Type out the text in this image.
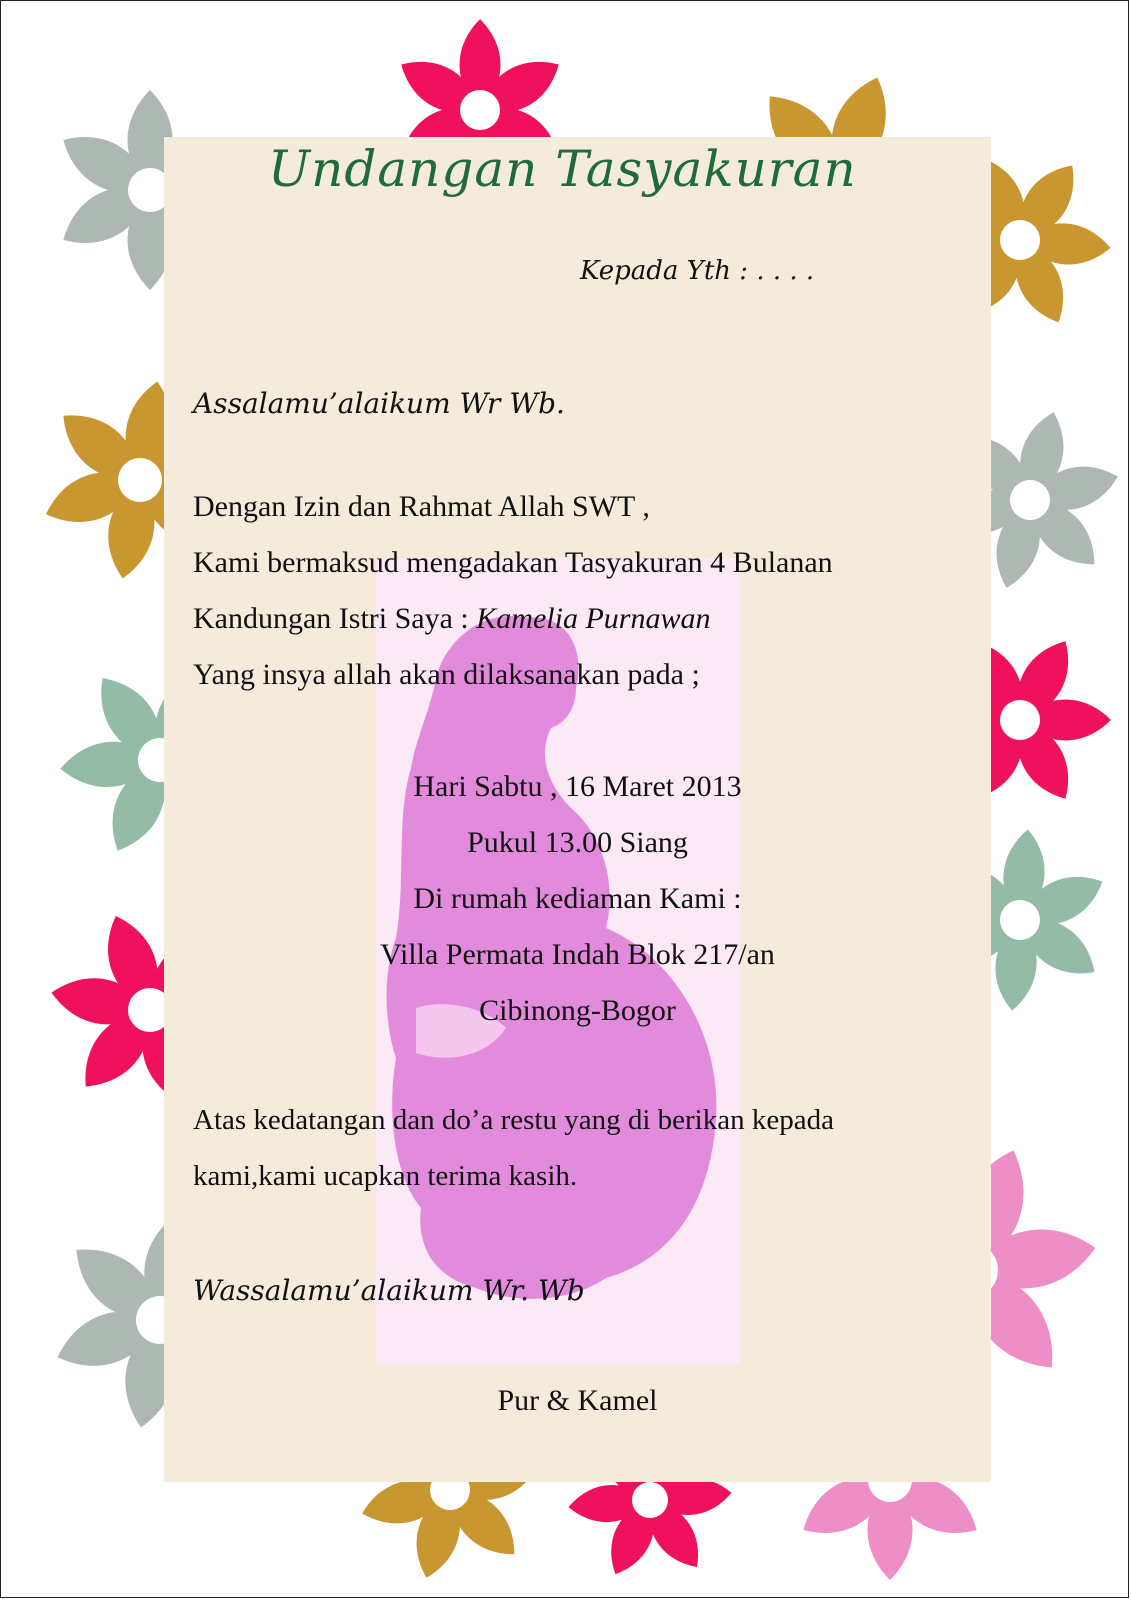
Undangan Tasyakuran
Kepada Yth : . . . .
Assalamu’alaikum Wr Wb.
Dengan Izin dan Rahmat Allah SWT ,
Kami bermaksud mengadakan Tasyakuran 4 Bulanan
Kandungan Istri Saya : Kamelia Purnawan
Yang insya allah akan dilaksanakan pada ;
Hari Sabtu , 16 Maret 2013
Pukul 13.00 Siang
Di rumah kediaman Kami :
Villa Permata Indah Blok 217/an
Cibinong-Bogor
Atas kedatangan dan do’a restu yang di berikan kepada
kami,kami ucapkan terima kasih.
Wassalamu’alaikum Wr. Wb
Pur & Kamel
